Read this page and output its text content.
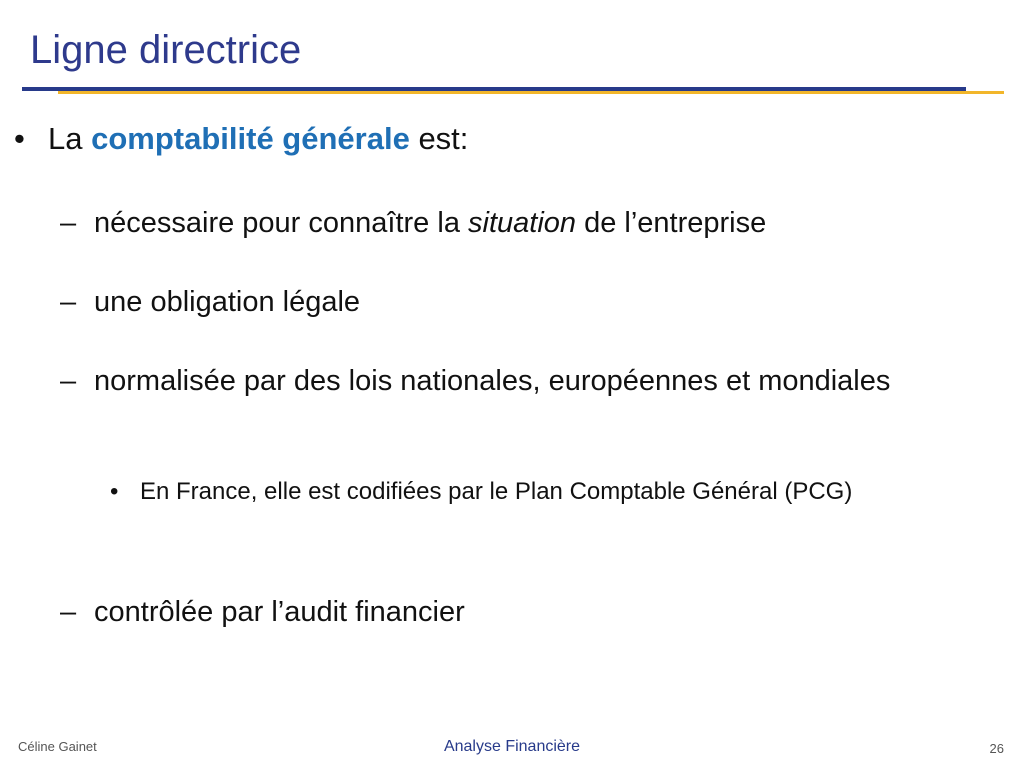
Ligne directrice
• La comptabilité générale est:
– nécessaire pour connaître la situation de l’entreprise
– une obligation légale
– normalisée par des lois nationales, européennes et mondiales
• En France, elle est codifiées par le Plan Comptable Général (PCG)
– contrôlée par l’audit financier
Céline Gainet	Analyse Financière	26
